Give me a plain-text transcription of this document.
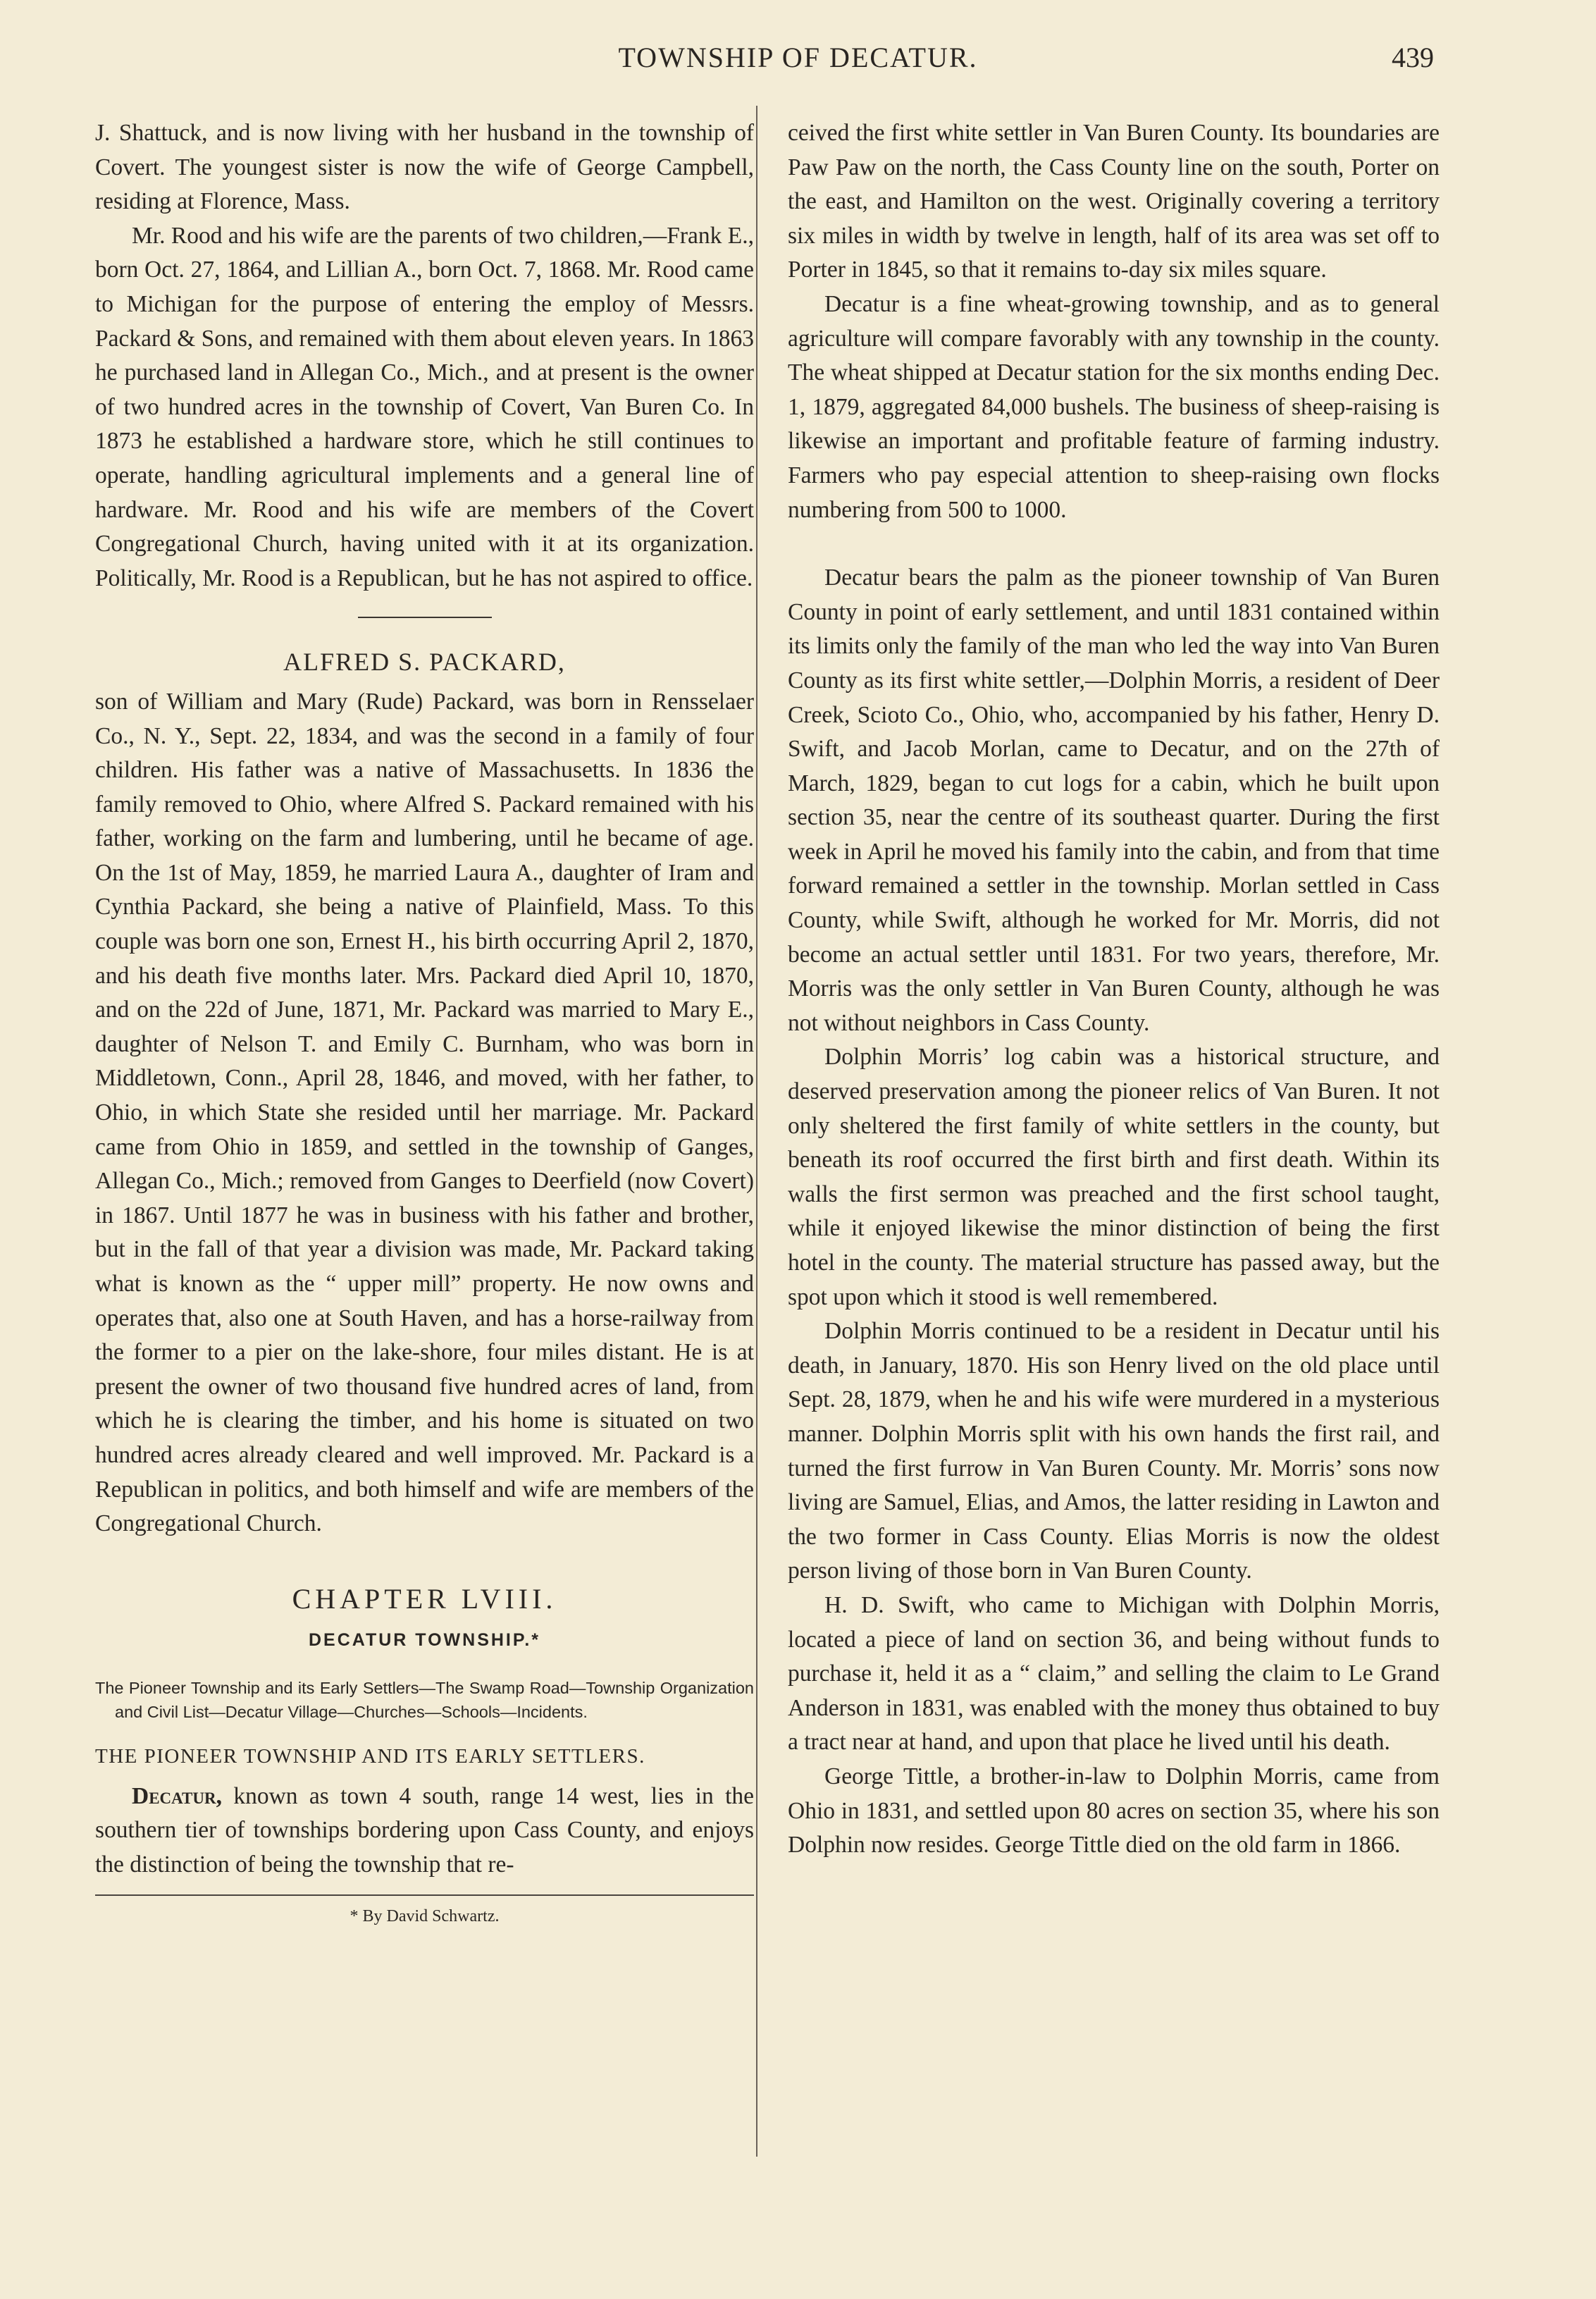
TOWNSHIP OF DECATUR.	439

J. Shattuck, and is now living with her husband in the township of Covert. The youngest sister is now the wife of George Campbell, residing at Florence, Mass.

Mr. Rood and his wife are the parents of two children,—Frank E., born Oct. 27, 1864, and Lillian A., born Oct. 7, 1868. Mr. Rood came to Michigan for the purpose of entering the employ of Messrs. Packard & Sons, and remained with them about eleven years. In 1863 he purchased land in Allegan Co., Mich., and at present is the owner of two hundred acres in the township of Covert, Van Buren Co. In 1873 he established a hardware store, which he still continues to operate, handling agricultural implements and a general line of hardware. Mr. Rood and his wife are members of the Covert Congregational Church, having united with it at its organization. Politically, Mr. Rood is a Republican, but he has not aspired to office.

ALFRED S. PACKARD,

son of William and Mary (Rude) Packard, was born in Rensselaer Co., N. Y., Sept. 22, 1834, and was the second in a family of four children. His father was a native of Massachusetts. In 1836 the family removed to Ohio, where Alfred S. Packard remained with his father, working on the farm and lumbering, until he became of age. On the 1st of May, 1859, he married Laura A., daughter of Iram and Cynthia Packard, she being a native of Plainfield, Mass. To this couple was born one son, Ernest H., his birth occurring April 2, 1870, and his death five months later. Mrs. Packard died April 10, 1870, and on the 22d of June, 1871, Mr. Packard was married to Mary E., daughter of Nelson T. and Emily C. Burnham, who was born in Middletown, Conn., April 28, 1846, and moved, with her father, to Ohio, in which State she resided until her marriage. Mr. Packard came from Ohio in 1859, and settled in the township of Ganges, Allegan Co., Mich.; removed from Ganges to Deerfield (now Covert) in 1867. Until 1877 he was in business with his father and brother, but in the fall of that year a division was made, Mr. Packard taking what is known as the “ upper mill” property. He now owns and operates that, also one at South Haven, and has a horse-railway from the former to a pier on the lake-shore, four miles distant. He is at present the owner of two thousand five hundred acres of land, from which he is clearing the timber, and his home is situated on two hundred acres already cleared and well improved. Mr. Packard is a Republican in politics, and both himself and wife are members of the Congregational Church.

CHAPTER LVIII.
DECATUR TOWNSHIP.*
The Pioneer Township and its Early Settlers—The Swamp Road—Township Organization and Civil List—Decatur Village—Churches—Schools—Incidents.
THE PIONEER TOWNSHIP AND ITS EARLY SETTLERS.

Decatur, known as town 4 south, range 14 west, lies in the southern tier of townships bordering upon Cass County, and enjoys the distinction of being the township that re-

* By David Schwartz.

ceived the first white settler in Van Buren County. Its boundaries are Paw Paw on the north, the Cass County line on the south, Porter on the east, and Hamilton on the west. Originally covering a territory six miles in width by twelve in length, half of its area was set off to Porter in 1845, so that it remains to-day six miles square.

Decatur is a fine wheat-growing township, and as to general agriculture will compare favorably with any township in the county. The wheat shipped at Decatur station for the six months ending Dec. 1, 1879, aggregated 84,000 bushels. The business of sheep-raising is likewise an important and profitable feature of farming industry. Farmers who pay especial attention to sheep-raising own flocks numbering from 500 to 1000.

Decatur bears the palm as the pioneer township of Van Buren County in point of early settlement, and until 1831 contained within its limits only the family of the man who led the way into Van Buren County as its first white settler,—Dolphin Morris, a resident of Deer Creek, Scioto Co., Ohio, who, accompanied by his father, Henry D. Swift, and Jacob Morlan, came to Decatur, and on the 27th of March, 1829, began to cut logs for a cabin, which he built upon section 35, near the centre of its southeast quarter. During the first week in April he moved his family into the cabin, and from that time forward remained a settler in the township. Morlan settled in Cass County, while Swift, although he worked for Mr. Morris, did not become an actual settler until 1831. For two years, therefore, Mr. Morris was the only settler in Van Buren County, although he was not without neighbors in Cass County.

Dolphin Morris’ log cabin was a historical structure, and deserved preservation among the pioneer relics of Van Buren. It not only sheltered the first family of white settlers in the county, but beneath its roof occurred the first birth and first death. Within its walls the first sermon was preached and the first school taught, while it enjoyed likewise the minor distinction of being the first hotel in the county. The material structure has passed away, but the spot upon which it stood is well remembered.

Dolphin Morris continued to be a resident in Decatur until his death, in January, 1870. His son Henry lived on the old place until Sept. 28, 1879, when he and his wife were murdered in a mysterious manner. Dolphin Morris split with his own hands the first rail, and turned the first furrow in Van Buren County. Mr. Morris’ sons now living are Samuel, Elias, and Amos, the latter residing in Lawton and the two former in Cass County. Elias Morris is now the oldest person living of those born in Van Buren County.

H. D. Swift, who came to Michigan with Dolphin Morris, located a piece of land on section 36, and being without funds to purchase it, held it as a “ claim,” and selling the claim to Le Grand Anderson in 1831, was enabled with the money thus obtained to buy a tract near at hand, and upon that place he lived until his death.

George Tittle, a brother-in-law to Dolphin Morris, came from Ohio in 1831, and settled upon 80 acres on section 35, where his son Dolphin now resides. George Tittle died on the old farm in 1866.
